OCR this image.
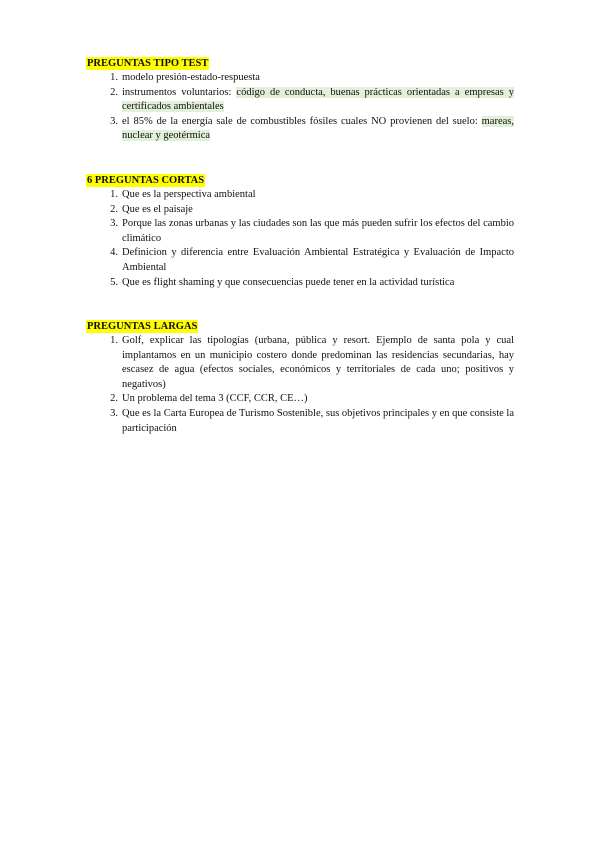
PREGUNTAS TIPO TEST
1. modelo presión-estado-respuesta
2. instrumentos voluntarios: código de conducta, buenas prácticas orientadas a empresas y certificados ambientales
3. el 85% de la energía sale de combustibles fósiles cuales NO provienen del suelo: mareas, nuclear y geotérmica
6 PREGUNTAS CORTAS
1. Que es la perspectiva ambiental
2. Que es el paisaje
3. Porque las zonas urbanas y las ciudades son las que más pueden sufrir los efectos del cambio climático
4. Definicion y diferencia entre Evaluación Ambiental Estratégica y Evaluación de Impacto Ambiental
5. Que es flight shaming y que consecuencias puede tener en la actividad turística
PREGUNTAS LARGAS
1. Golf, explicar las tipologías (urbana, pública y resort. Ejemplo de santa pola y cual implantamos en un municipio costero donde predominan las residencias secundarias, hay escasez de agua (efectos sociales, económicos y territoriales de cada uno; positivos y negativos)
2. Un problema del tema 3 (CCF, CCR, CE…)
3. Que es la Carta Europea de Turismo Sostenible, sus objetivos principales y en que consiste la participación
